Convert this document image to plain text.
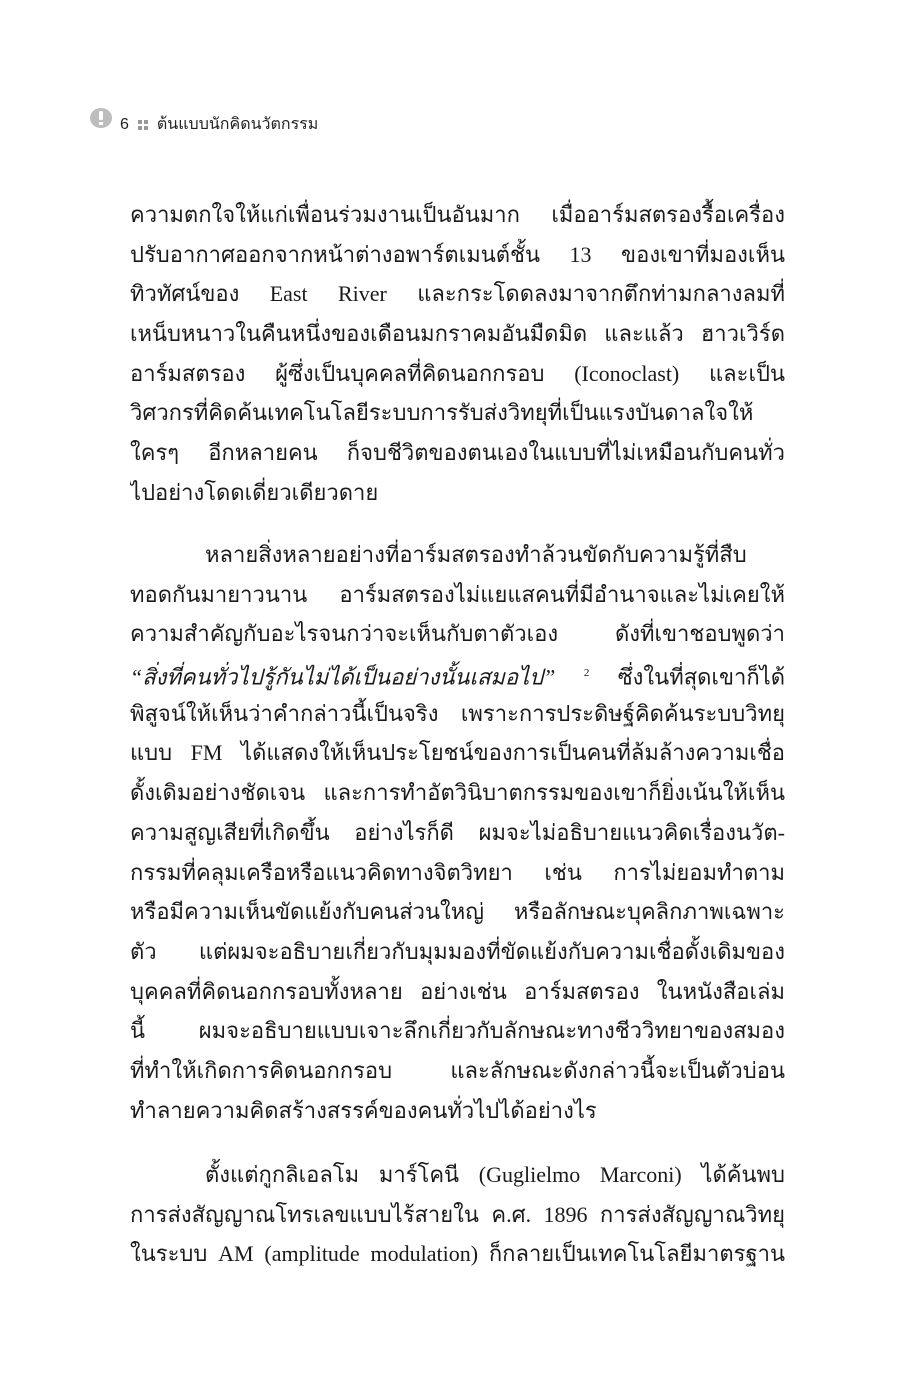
6 ต้นแบบนักคิดนวัตกรรม
ความตกใจให้แก่เพื่อนร่วมงานเป็นอันมาก เมื่ออาร์มสตรองรื้อเครื่อง
ปรับอากาศออกจากหน้าต่างอพาร์ตเมนต์ชั้น 13 ของเขาที่มองเห็น
ทิวทัศน์ของ East River และกระโดดลงมาจากตึกท่ามกลางลมที่
เหน็บหนาวในคืนหนึ่งของเดือนมกราคมอันมืดมิด และแล้ว ฮาวเวิร์ด
อาร์มสตรอง ผู้ซึ่งเป็นบุคคลที่คิดนอกกรอบ (Iconoclast) และเป็น
วิศวกรที่คิดค้นเทคโนโลยีระบบการรับส่งวิทยุที่เป็นแรงบันดาลใจให้
ใครๆ อีกหลายคน ก็จบชีวิตของตนเองในแบบที่ไม่เหมือนกับคนทั่ว
ไปอย่างโดดเดี่ยวเดียวดาย
หลายสิ่งหลายอย่างที่อาร์มสตรองทำล้วนขัดกับความรู้ที่สืบ
ทอดกันมายาวนาน อาร์มสตรองไม่แยแสคนที่มีอำนาจและไม่เคยให้
ความสำคัญกับอะไรจนกว่าจะเห็นกับตาตัวเอง ดังที่เขาชอบพูดว่า
“สิ่งที่คนทั่วไปรู้กันไม่ได้เป็นอย่างนั้นเสมอไป”	$^2$ ซึ่งในที่สุดเขาก็ได้
พิสูจน์ให้เห็นว่าคำกล่าวนี้เป็นจริง เพราะการประดิษฐ์คิดค้นระบบวิทยุ
แบบ FM ได้แสดงให้เห็นประโยชน์ของการเป็นคนที่ล้มล้างความเชื่อ
ดั้งเดิมอย่างชัดเจน และการทำอัตวินิบาตกรรมของเขาก็ยิ่งเน้นให้เห็น
ความสูญเสียที่เกิดขึ้น อย่างไรก็ดี ผมจะไม่อธิบายแนวคิดเรื่องนวัต-
กรรมที่คลุมเครือหรือแนวคิดทางจิตวิทยา เช่น การไม่ยอมทำตาม
หรือมีความเห็นขัดแย้งกับคนส่วนใหญ่ หรือลักษณะบุคลิกภาพเฉพาะ
ตัว แต่ผมจะอธิบายเกี่ยวกับมุมมองที่ขัดแย้งกับความเชื่อดั้งเดิมของ
บุคคลที่คิดนอกกรอบทั้งหลาย อย่างเช่น อาร์มสตรอง ในหนังสือเล่ม
นี้ ผมจะอธิบายแบบเจาะลึกเกี่ยวกับลักษณะทางชีววิทยาของสมอง
ที่ทำให้เกิดการคิดนอกกรอบ และลักษณะดังกล่าวนี้จะเป็นตัวบ่อน
ทำลายความคิดสร้างสรรค์ของคนทั่วไปได้อย่างไร
ตั้งแต่กูกลิเอลโม มาร์โคนี (Guglielmo Marconi) ได้ค้นพบ
การส่งสัญญาณโทรเลขแบบไร้สายใน ค.ศ. 1896 การส่งสัญญาณวิทยุ
ในระบบ AM (amplitude modulation) ก็กลายเป็นเทคโนโลยีมาตรฐาน
